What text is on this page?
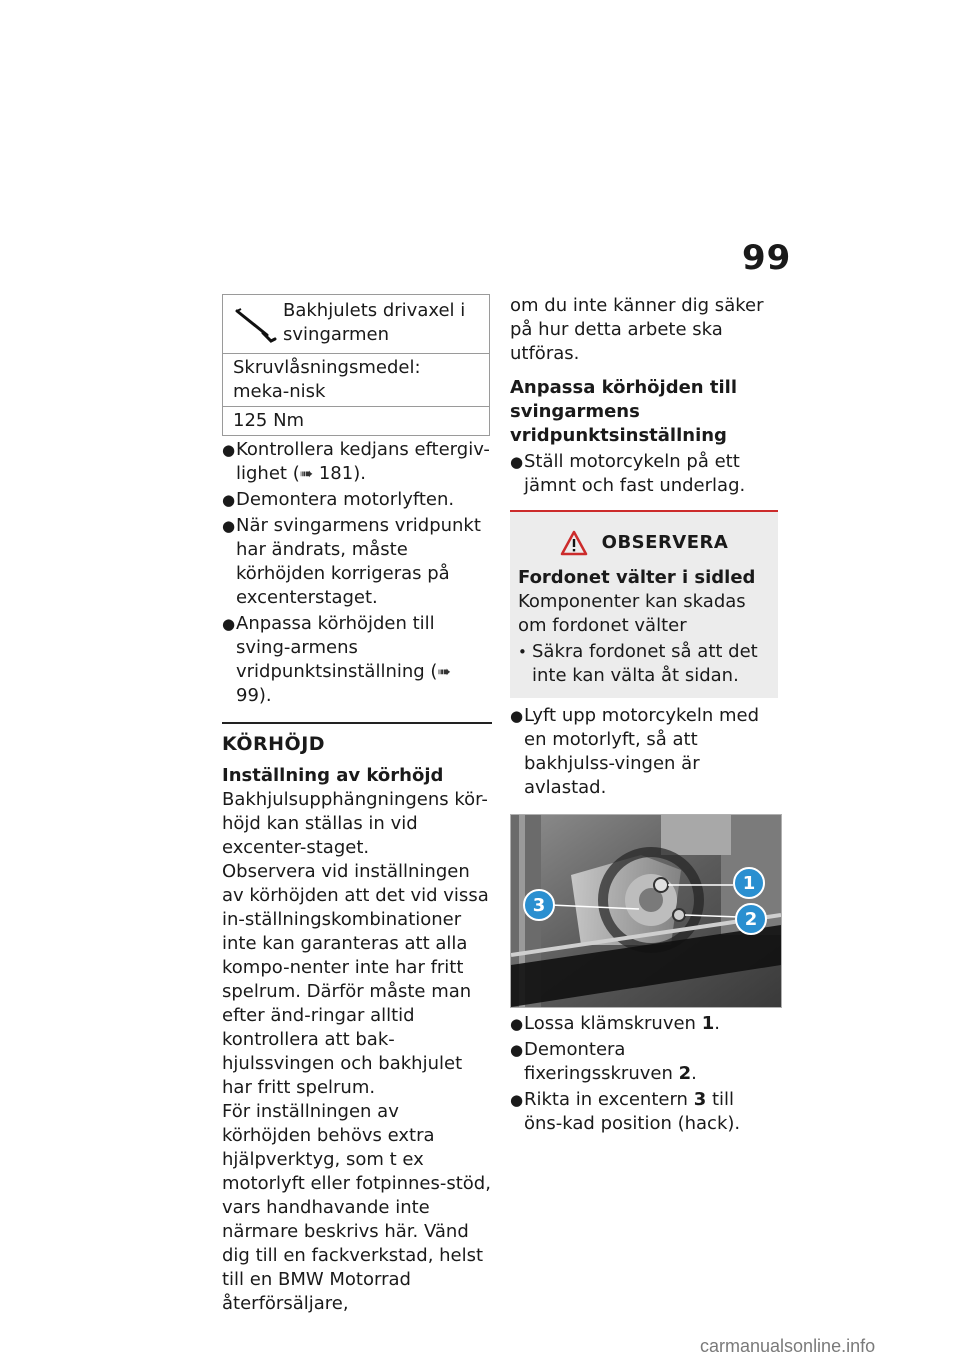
99
Bakhjulets drivaxel i svingarmen

Skruvlåsningsmedel: meka-nisk
125 Nm
● Kontrollera kedjans eftergiv-lighet (➠ 181).
● Demontera motorlyften.
● När svingarmens vridpunkt har ändrats, måste körhöjden korrigeras på excenterstaget.
● Anpassa körhöjden till sving-armens vridpunktsinställning (➠ 99).
KÖRHÖJD
Inställning av körhöjd

Bakhjulsupphängningens kör-höjd kan ställas in vid excenter-staget.

Observera vid inställningen av körhöjden att det vid vissa in-ställningskombinationer inte kan garanteras att alla kompo-nenter inte har fritt spelrum. Därför måste man efter änd-ringar alltid kontrollera att bak-hjulssvingen och bakhjulet har fritt spelrum.

För inställningen av körhöjden behövs extra hjälpverktyg, som t ex motorlyft eller fotpinnes-stöd, vars handhavande inte närmare beskrivs här. Vänd dig till en fackverkstad, helst till en BMW Motorrad återförsäljare,

om du inte känner dig säker på hur detta arbete ska utföras.

Anpassa körhöjden till svingarmens vridpunktsinställning
● Ställ motorcykeln på ett jämnt och fast underlag.
OBSERVERA
Fordonet välter i sidled

Komponenter kan skadas om fordonet välter

• Säkra fordonet så att det inte kan välta åt sidan.
● Lyft upp motorcykeln med en motorlyft, så att bakhjulss-vingen är avlastad.
1
2
3
● Lossa klämskruven 1.
● Demontera fixeringsskruven 2.
● Rikta in excentern 3 till öns-kad position (hack).
carmanualsonline.info
